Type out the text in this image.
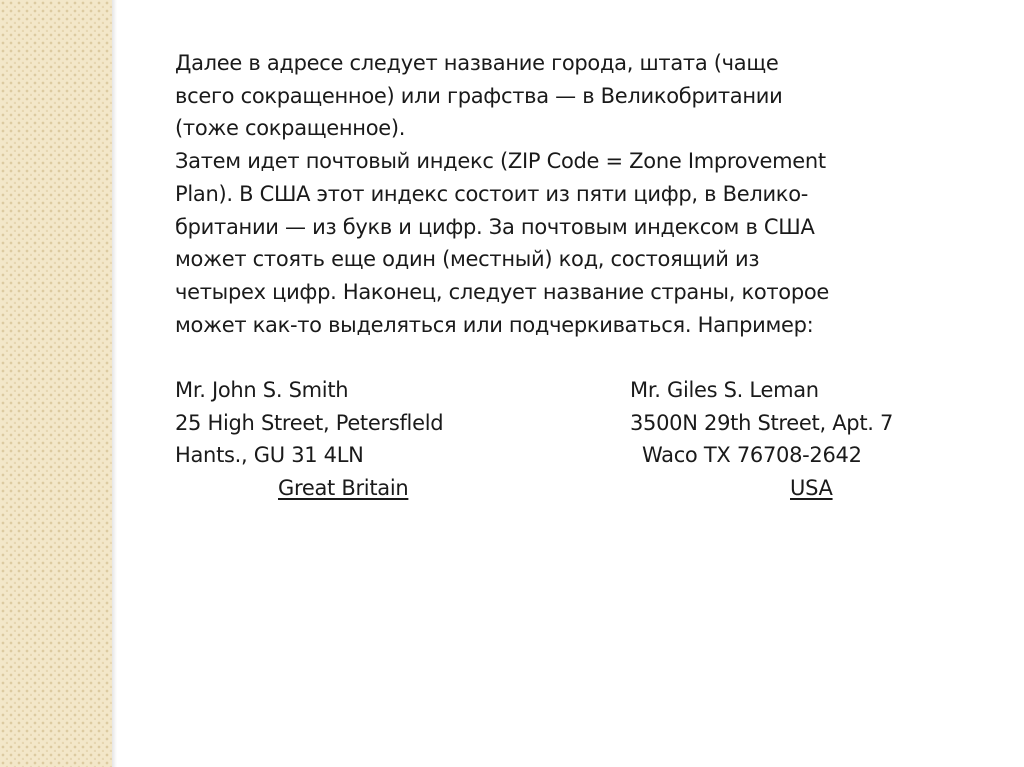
Далее в адресе следует название города, штата (чаще
всего сокращенное) или графства — в Великобритании
(тоже сокращенное).
Затем идет почтовый индекс (ZIP Code = Zone Improvement
Plan). В США этот индекс состоит из пяти цифр, в Велико-
британии — из букв и цифр. За почтовым индексом в США
может стоять еще один (местный) код, состоящий из
четырех цифр. Наконец, следует название страны, которое
может как-то выделяться или подчеркиваться. Например:
Mr. John S. Smith
25 High Street, Petersfleld
Hants., GU 31 4LN
Great Britain
Mr. Giles S. Leman
3500N 29th Street, Apt. 7
Waco TX 76708-2642
USA
